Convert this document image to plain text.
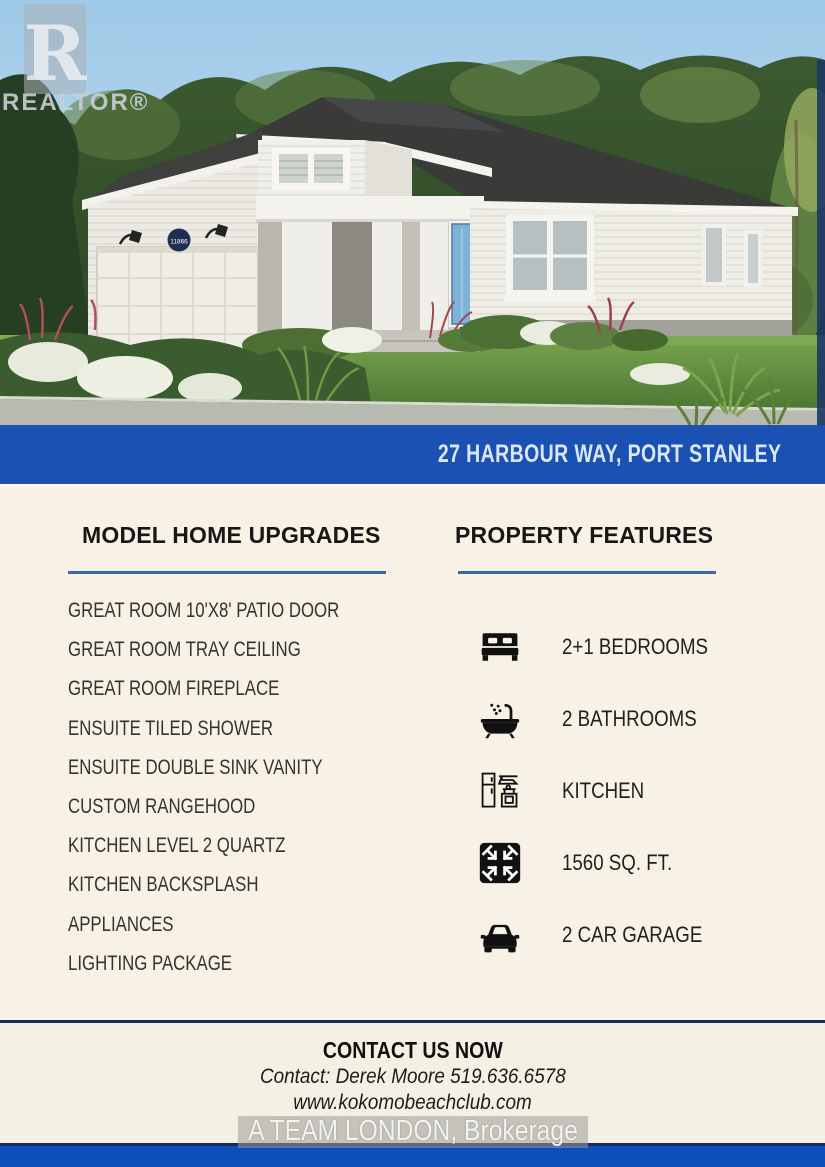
11866
R
REALTOR®
27 HARBOUR WAY, PORT STANLEY
MODEL HOME UPGRADES
GREAT ROOM 10'X8' PATIO DOOR
GREAT ROOM TRAY CEILING
GREAT ROOM FIREPLACE
ENSUITE TILED SHOWER
ENSUITE DOUBLE SINK VANITY
CUSTOM RANGEHOOD
KITCHEN LEVEL 2 QUARTZ
KITCHEN BACKSPLASH
APPLIANCES
LIGHTING PACKAGE
PROPERTY FEATURES
2+1 BEDROOMS
2 BATHROOMS
KITCHEN
1560 SQ. FT.
2 CAR GARAGE
CONTACT US NOW
Contact: Derek Moore 519.636.6578
www.kokomobeachclub.com
A TEAM LONDON, Brokerage
